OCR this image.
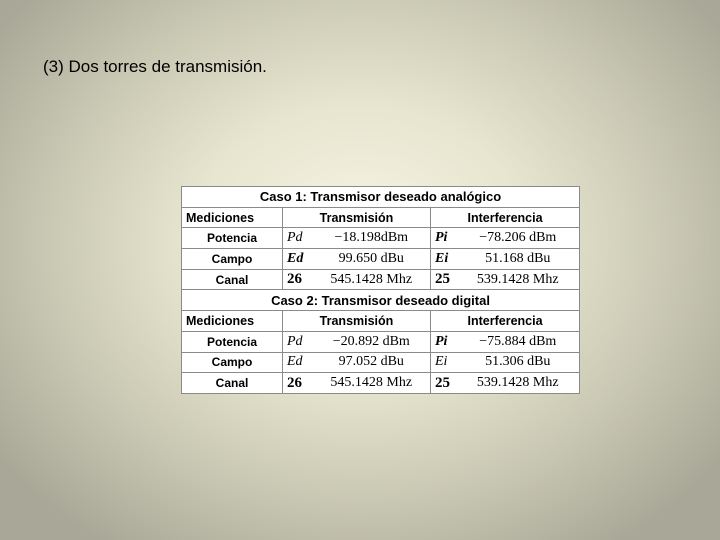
(3) Dos torres de transmisión.
Caso 1: Transmisor deseado analógico				
Mediciones	Transmisión		Interferencia	
Potencia	Pd	−18.198dBm	Pi	−78.206 dBm
Campo	Ed	99.650 dBu	Ei	51.168 dBu
Canal	26	545.1428 Mhz	25	539.1428 Mhz
Caso 2: Transmisor deseado digital				
Mediciones	Transmisión		Interferencia	
Potencia	Pd	−20.892 dBm	Pi	−75.884 dBm
Campo	Ed	97.052 dBu	Ei	51.306 dBu
Canal	26	545.1428 Mhz	25	539.1428 Mhz
